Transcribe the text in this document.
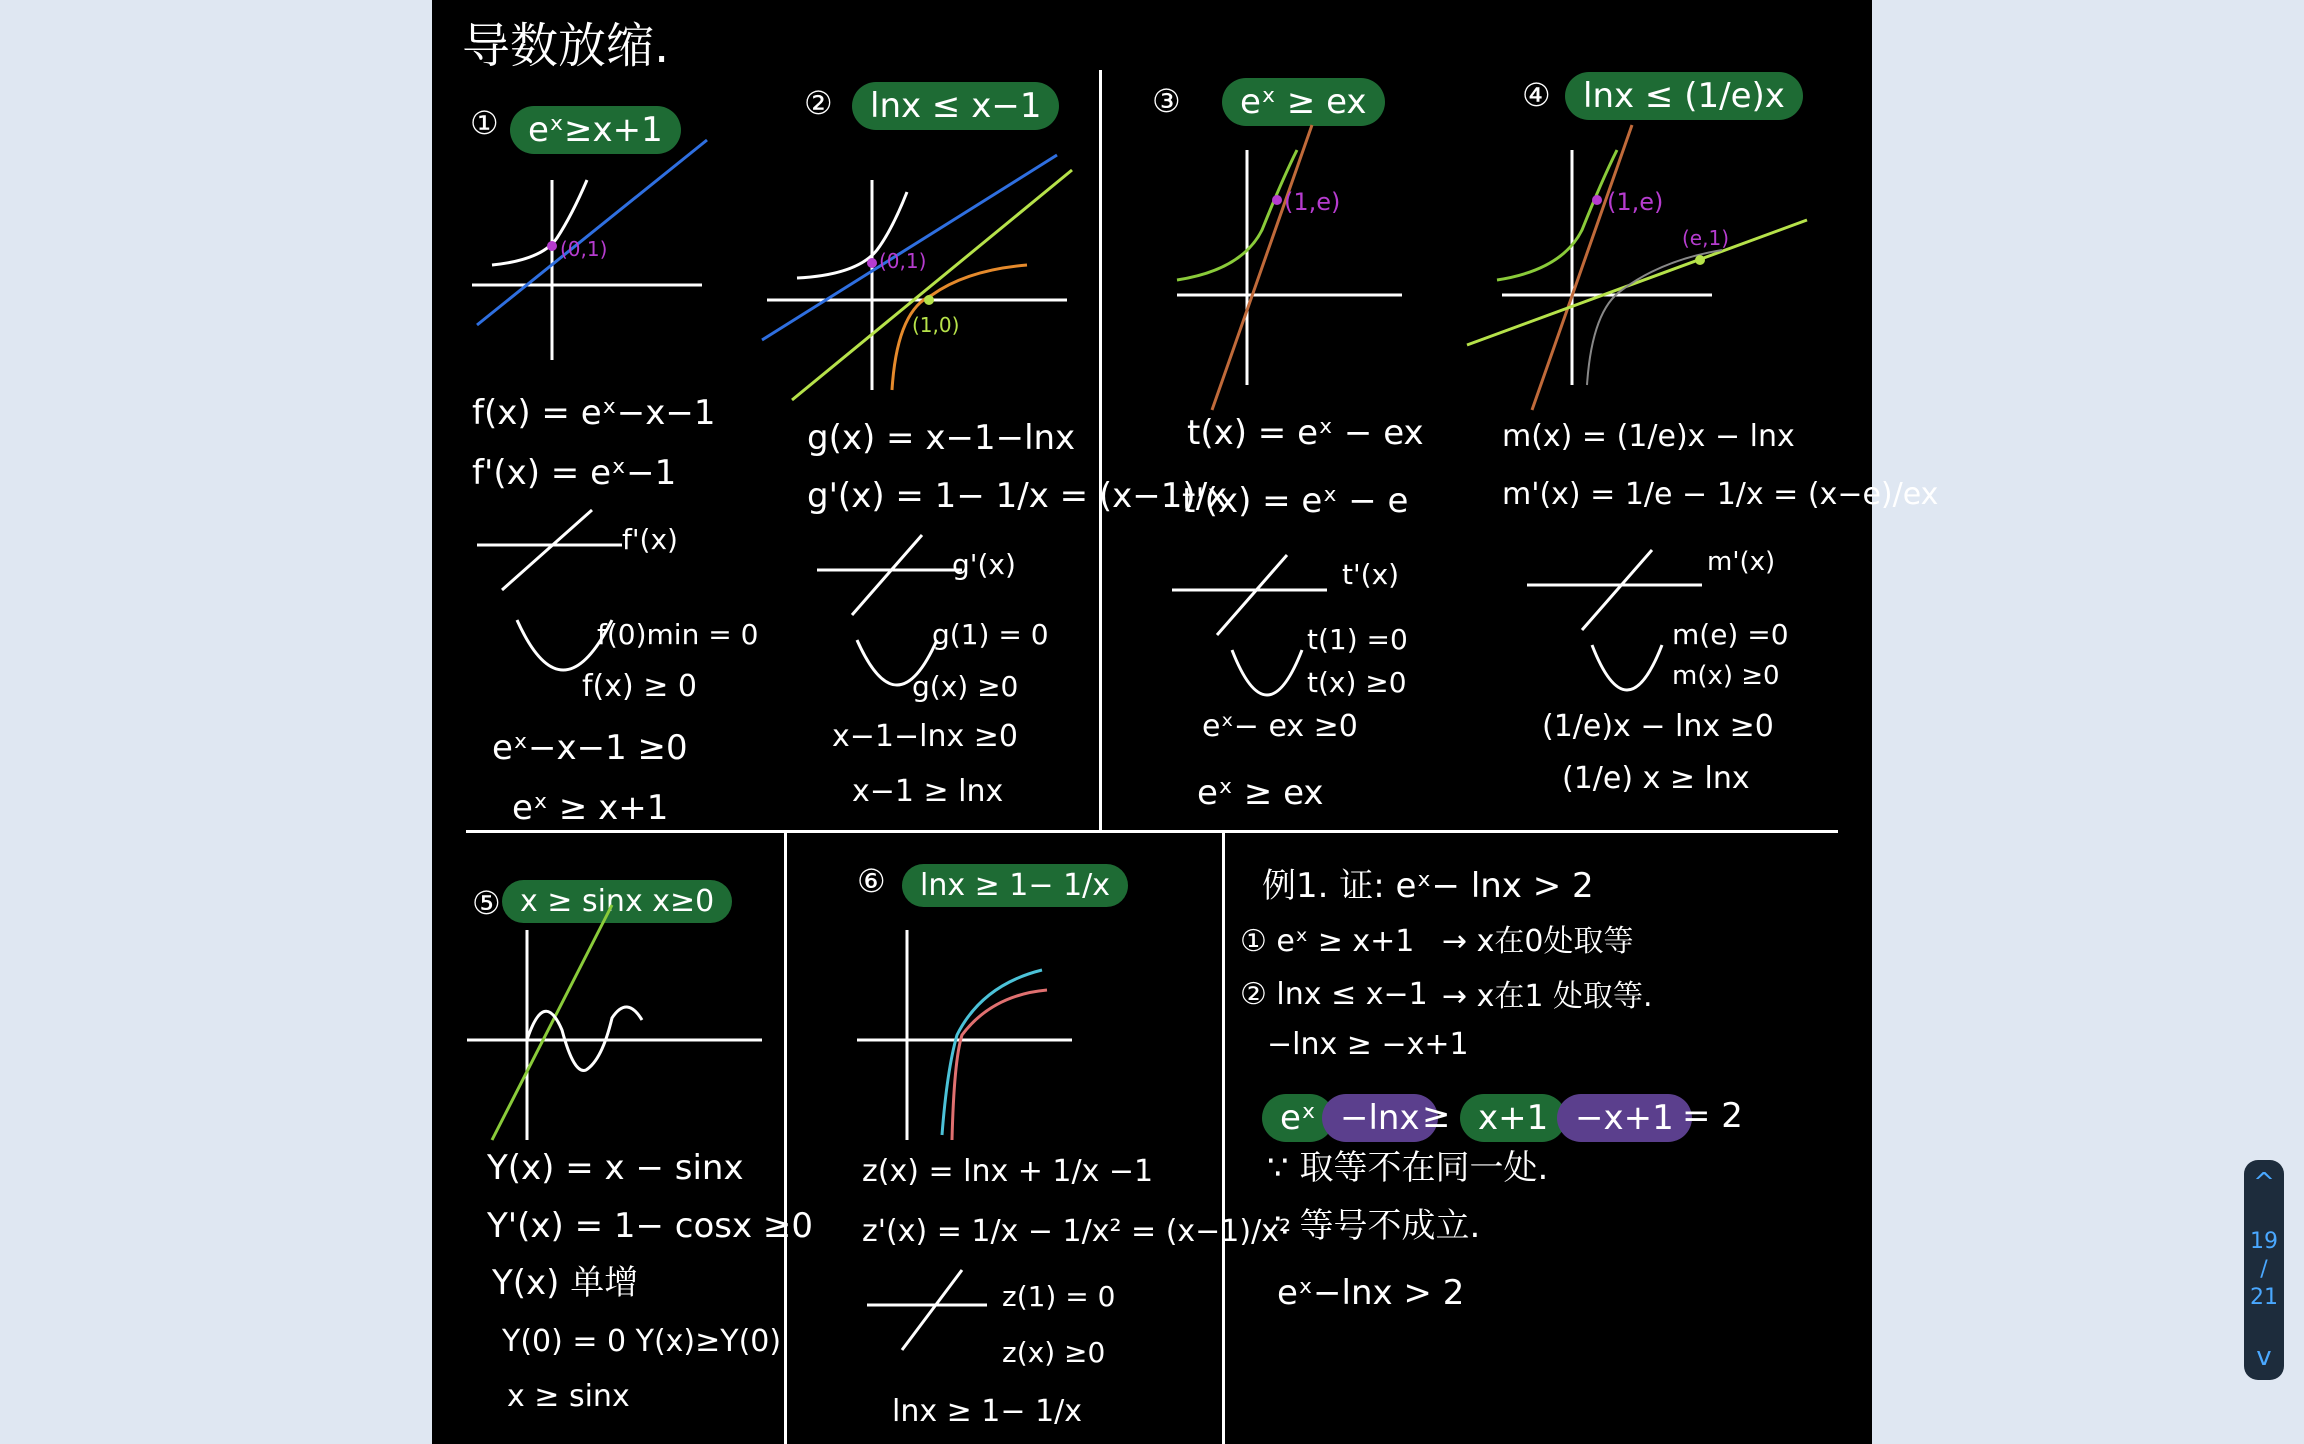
导数放缩.
① eˣ≥x+1
(0,1)
f(x) = eˣ−x−1
f'(x) = eˣ−1
f'(x)
f(0)min = 0
f(x) ≥ 0
eˣ−x−1 ≥0
eˣ ≥ x+1
②	lnx ≤ x−1
(0,1)
(1,0)
g(x) = x−1−lnx
g'(x) = 1− 1/x = (x−1)/x
g'(x)
g(1) = 0
g(x) ≥0
x−1−lnx ≥0
x−1 ≥ lnx
③	eˣ ≥ ex
(1,e)
t(x) = eˣ − ex
t'(x) = eˣ − e
t'(x)
t(1) =0
t(x) ≥0
eˣ− ex ≥0
eˣ ≥ ex
④ lnx ≤ (1/e)x
(1,e)
(e,1)
m(x) = (1/e)x − lnx
m'(x) = 1/e − 1/x = (x−e)/ex
m'(x)
m(e) =0
m(x) ≥0
(1/e)x − lnx ≥0
(1/e) x ≥ lnx
⑤ x ≥ sinx x≥0
Y(x) = x − sinx
Y'(x) = 1− cosx ≥0
Y(x) 单增
Y(0) = 0 Y(x)≥Y(0)
x ≥ sinx
⑥	lnx ≥ 1− 1/x
z(x) = lnx + 1/x −1
z'(x) = 1/x − 1/x² = (x−1)/x²
z(1) = 0
z(x) ≥0
lnx ≥ 1− 1/x
例1. 证: eˣ− lnx > 2
① eˣ ≥ x+1 → x在0处取等
② lnx ≤ x−1 → x在1 处取等.
−lnx ≥ −x+1
eˣ −lnx ≥ x+1 −x+1 = 2
∵ 取等不在同一处.
∴ 等号不成立.
eˣ−lnx > 2
^
19
/
21
v
